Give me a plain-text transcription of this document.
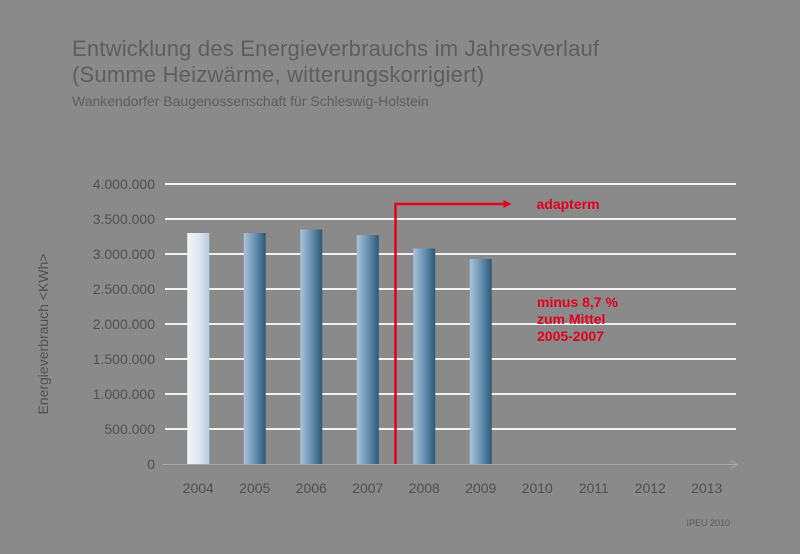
Entwicklung des Energieverbrauchs im Jahresverlauf
(Summe Heizwärme, witterungskorrigiert)
Wankendorfer Baugenossenschaft für Schleswig-Holstein
0
500.000
1.000.000
1.500.000
2.000.000
2.500.000
3.000.000
3.500.000
4.000.000
2004 2005 2006 2007 2008 2009 2010 2011 2012 2013
Energieverbrauch <KWh>
adapterm
minus 8,7 %
zum Mittel
2005-2007
IPEU 2010
